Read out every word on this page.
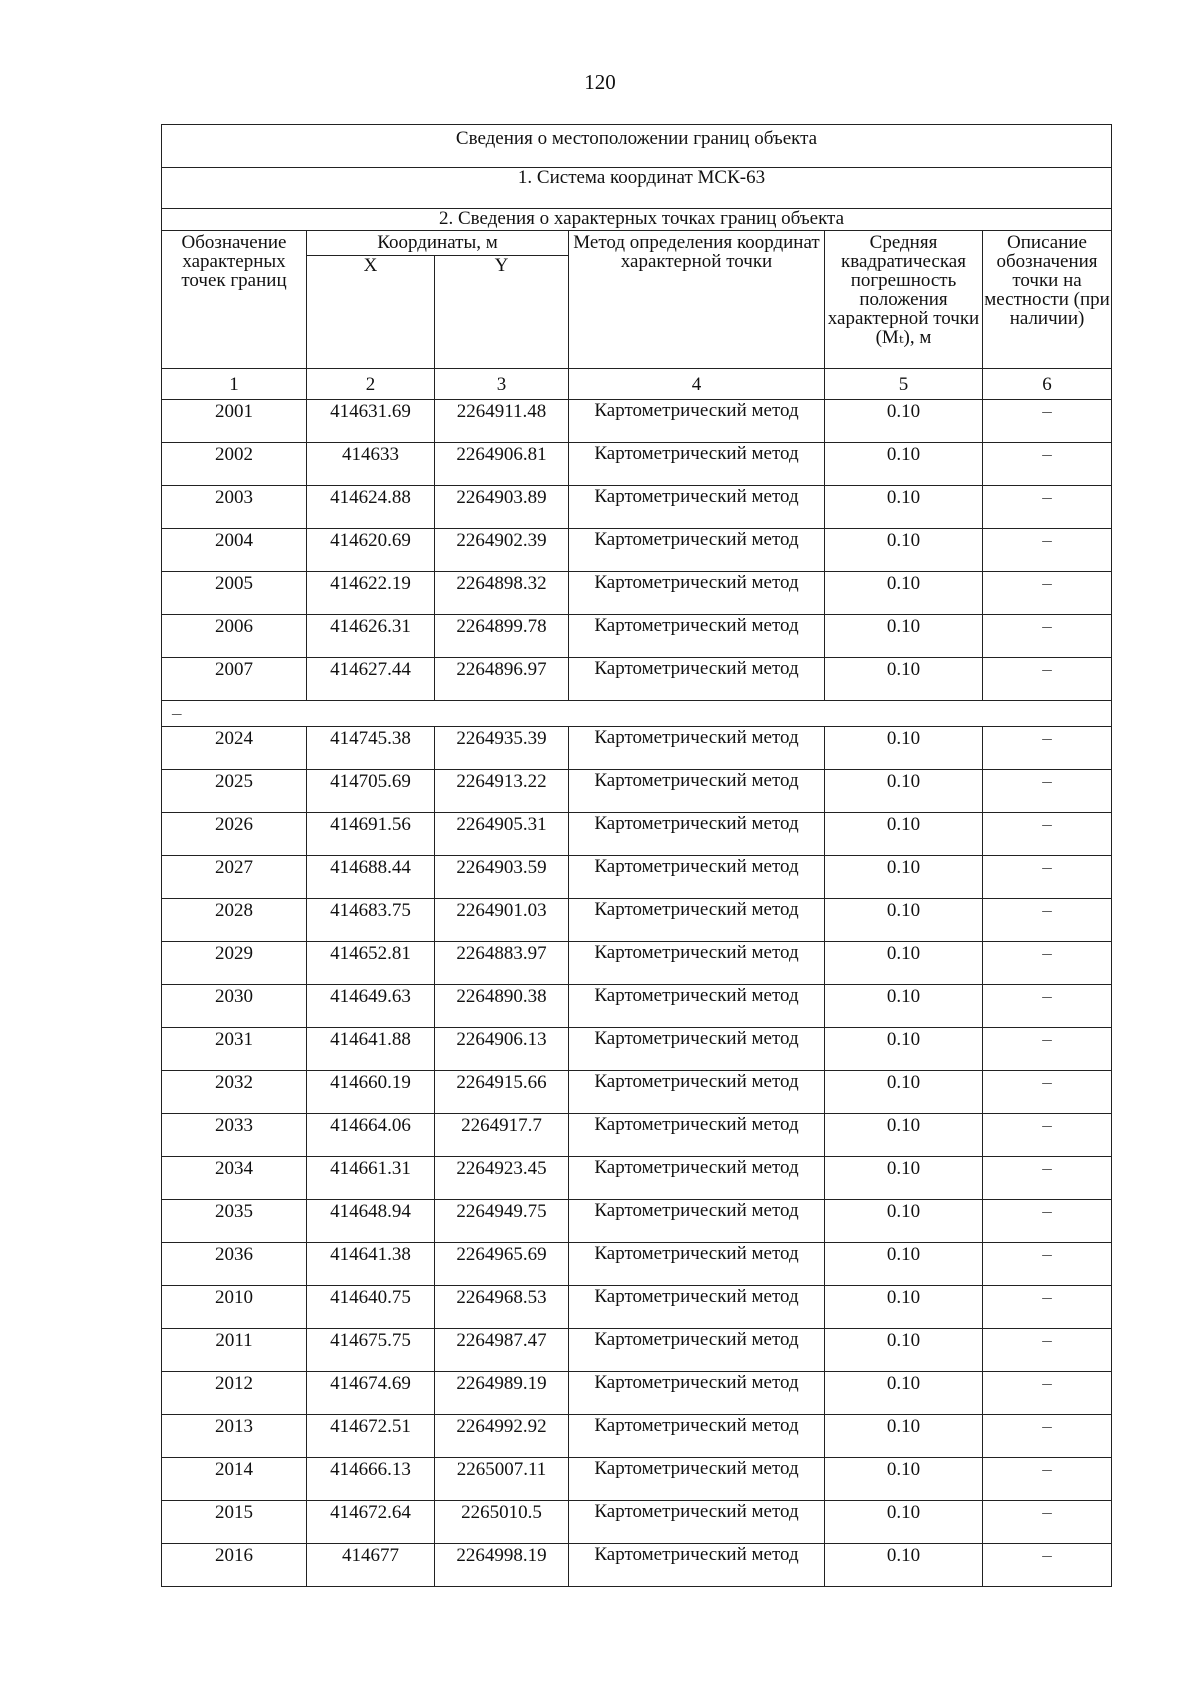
120
Сведения о местоположении границ объекта					
1. Система координат МСК-63					
2. Сведения о характерных точках границ объекта					
Обозначение характерных точек границ	Координаты, м		Метод определения координат характерной точки	Средняя квадратическая погрешность положения характерной точки (Mₜ), м	Описание обозначения точки на местности (при наличии)
	X	Y			
1	2	3	4	5	6
2001	414631.69	2264911.48	Картометрический метод	0.10	–
2002	414633	2264906.81	Картометрический метод	0.10	–
2003	414624.88	2264903.89	Картометрический метод	0.10	–
2004	414620.69	2264902.39	Картометрический метод	0.10	–
2005	414622.19	2264898.32	Картометрический метод	0.10	–
2006	414626.31	2264899.78	Картометрический метод	0.10	–
2007	414627.44	2264896.97	Картометрический метод	0.10	–
–					
2024	414745.38	2264935.39	Картометрический метод	0.10	–
2025	414705.69	2264913.22	Картометрический метод	0.10	–
2026	414691.56	2264905.31	Картометрический метод	0.10	–
2027	414688.44	2264903.59	Картометрический метод	0.10	–
2028	414683.75	2264901.03	Картометрический метод	0.10	–
2029	414652.81	2264883.97	Картометрический метод	0.10	–
2030	414649.63	2264890.38	Картометрический метод	0.10	–
2031	414641.88	2264906.13	Картометрический метод	0.10	–
2032	414660.19	2264915.66	Картометрический метод	0.10	–
2033	414664.06	2264917.7	Картометрический метод	0.10	–
2034	414661.31	2264923.45	Картометрический метод	0.10	–
2035	414648.94	2264949.75	Картометрический метод	0.10	–
2036	414641.38	2264965.69	Картометрический метод	0.10	–
2010	414640.75	2264968.53	Картометрический метод	0.10	–
2011	414675.75	2264987.47	Картометрический метод	0.10	–
2012	414674.69	2264989.19	Картометрический метод	0.10	–
2013	414672.51	2264992.92	Картометрический метод	0.10	–
2014	414666.13	2265007.11	Картометрический метод	0.10	–
2015	414672.64	2265010.5	Картометрический метод	0.10	–
2016	414677	2264998.19	Картометрический метод	0.10	–
